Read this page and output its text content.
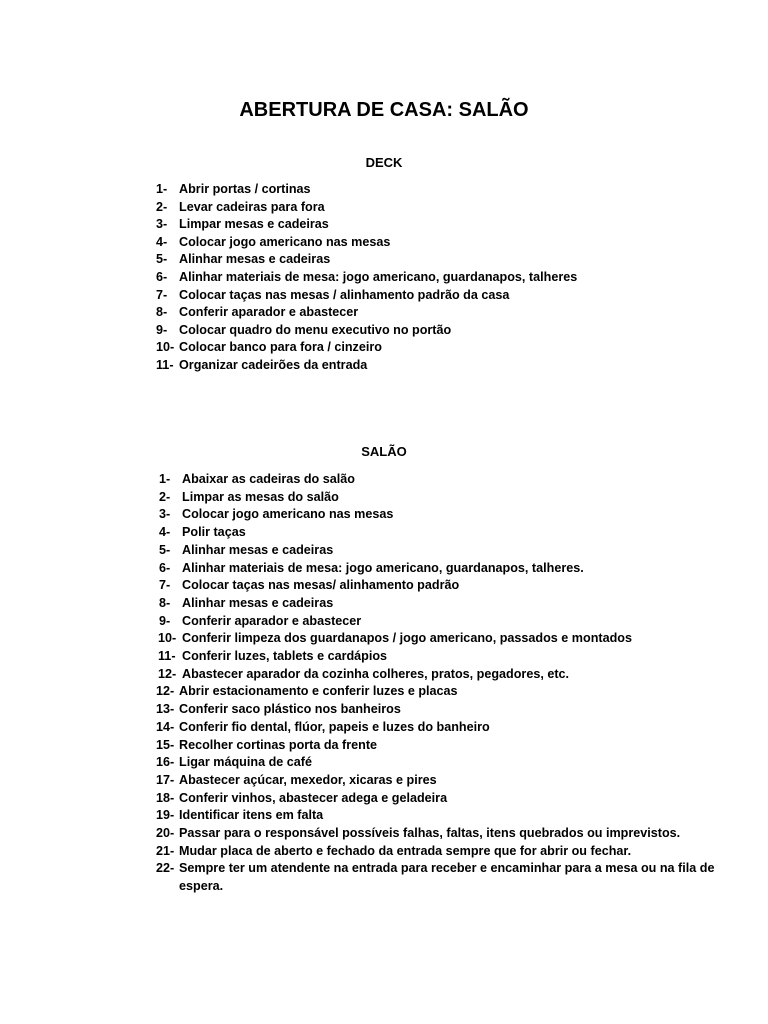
ABERTURA DE CASA: SALÃO
DECK
1- Abrir portas / cortinas
2- Levar cadeiras para fora
3- Limpar mesas e cadeiras
4- Colocar jogo americano nas mesas
5- Alinhar mesas e cadeiras
6- Alinhar materiais de mesa: jogo americano, guardanapos, talheres
7- Colocar taças nas mesas / alinhamento padrão da casa
8- Conferir aparador e abastecer
9- Colocar quadro do menu executivo no portão
10- Colocar banco para fora / cinzeiro
11- Organizar cadeirões da entrada
SALÃO
1- Abaixar as cadeiras do salão
2- Limpar as mesas do salão
3- Colocar jogo americano nas mesas
4- Polir taças
5- Alinhar mesas e cadeiras
6- Alinhar materiais de mesa: jogo americano, guardanapos, talheres.
7- Colocar taças nas mesas/ alinhamento padrão
8- Alinhar mesas e cadeiras
9- Conferir aparador e abastecer
10- Conferir limpeza dos guardanapos / jogo americano, passados e montados
11- Conferir luzes, tablets e cardápios
12- Abastecer aparador da cozinha colheres, pratos, pegadores, etc.
12- Abrir estacionamento e conferir luzes e placas
13- Conferir saco plástico nos banheiros
14- Conferir fio dental, flúor, papeis e luzes do banheiro
15- Recolher cortinas porta da frente
16- Ligar máquina de café
17- Abastecer açúcar, mexedor, xicaras e pires
18- Conferir vinhos, abastecer adega e geladeira
19- Identificar itens em falta
20- Passar para o responsável possíveis falhas, faltas, itens quebrados ou imprevistos.
21- Mudar placa de aberto e fechado da entrada sempre que for abrir ou fechar.
22- Sempre ter um atendente na entrada para receber e encaminhar para a mesa ou na fila de espera.
